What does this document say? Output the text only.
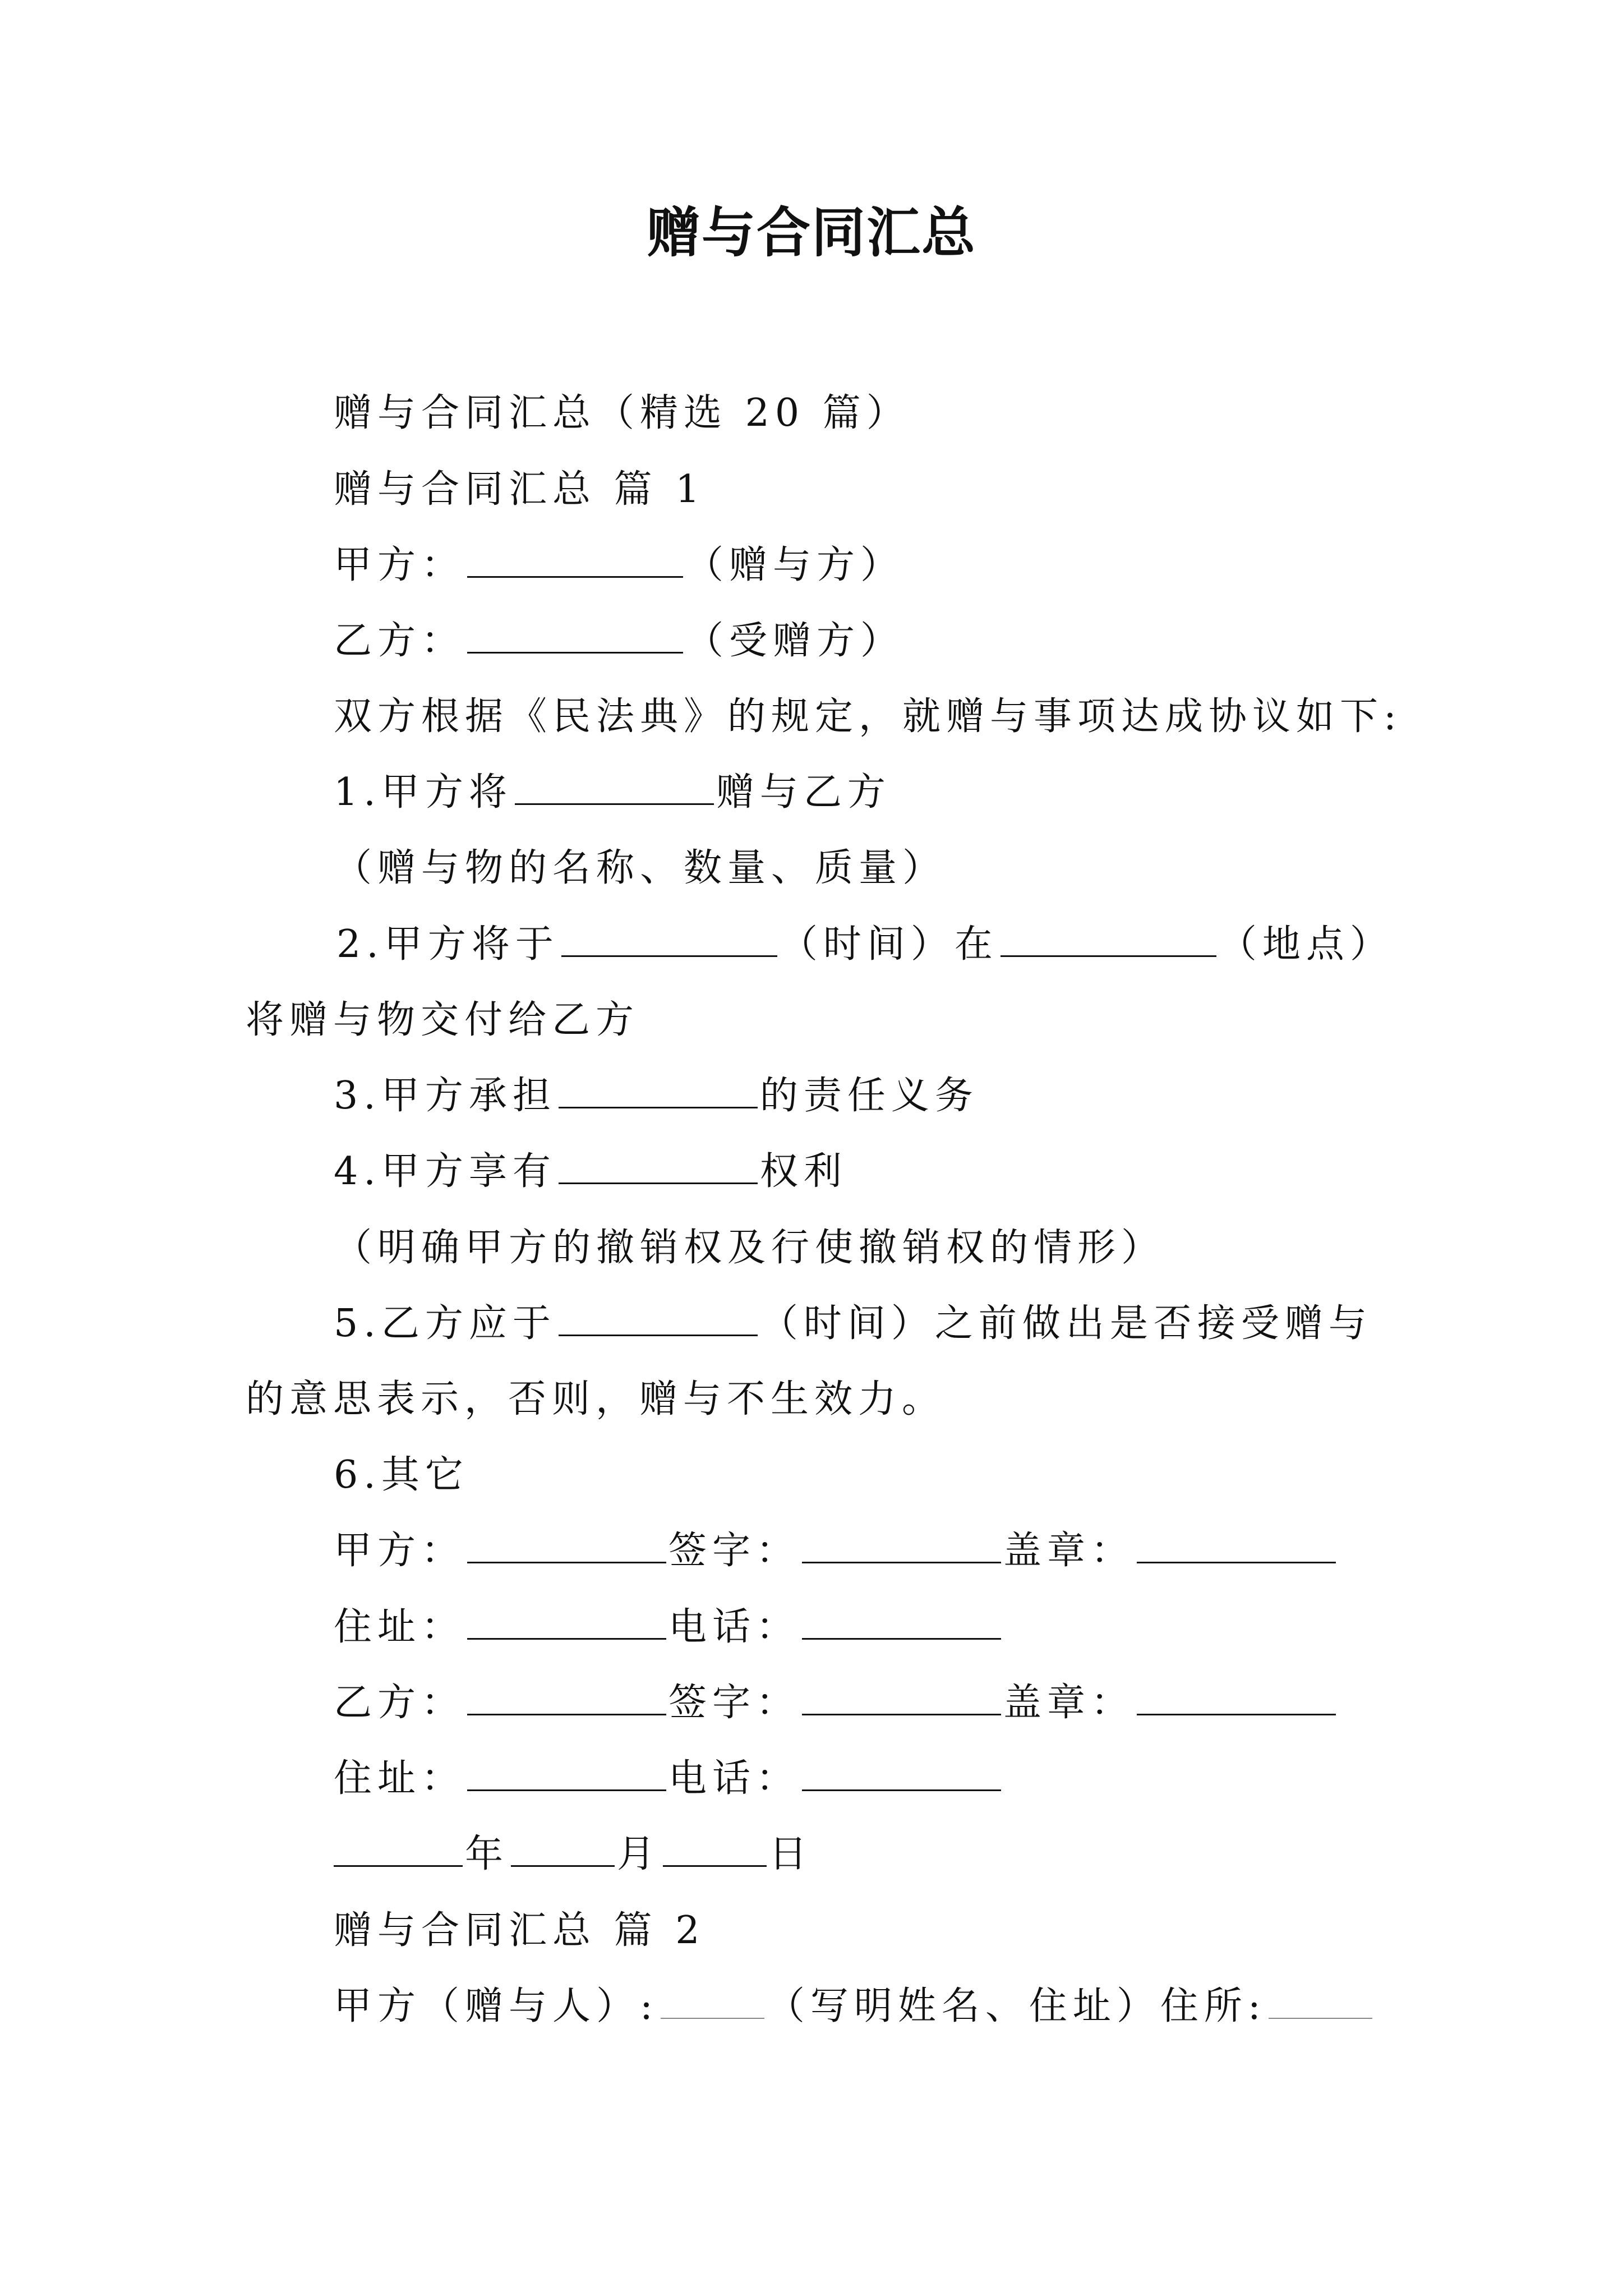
赠与合同汇总
赠与合同汇总（精选 20 篇）
赠与合同汇总 篇 1
甲方：	（赠与方）
乙方：	（受赠方）
双方根据《民法典》的规定，就赠与事项达成协议如下:
1.甲方将	赠与乙方
（赠与物的名称、数量、质量）
2.甲方将于	（时间）在	（地点）
将赠与物交付给乙方
3.甲方承担	的责任义务
4.甲方享有	权利
（明确甲方的撤销权及行使撤销权的情形）
5.乙方应于	（时间）之前做出是否接受赠与
的意思表示，否则，赠与不生效力。
6.其它
甲方：	签字：	盖章：
住址：	电话：
乙方：	签字：	盖章：
住址：	电话：
年	月	日
赠与合同汇总 篇 2
甲方（赠与人）:	（写明姓名、住址）住所:
